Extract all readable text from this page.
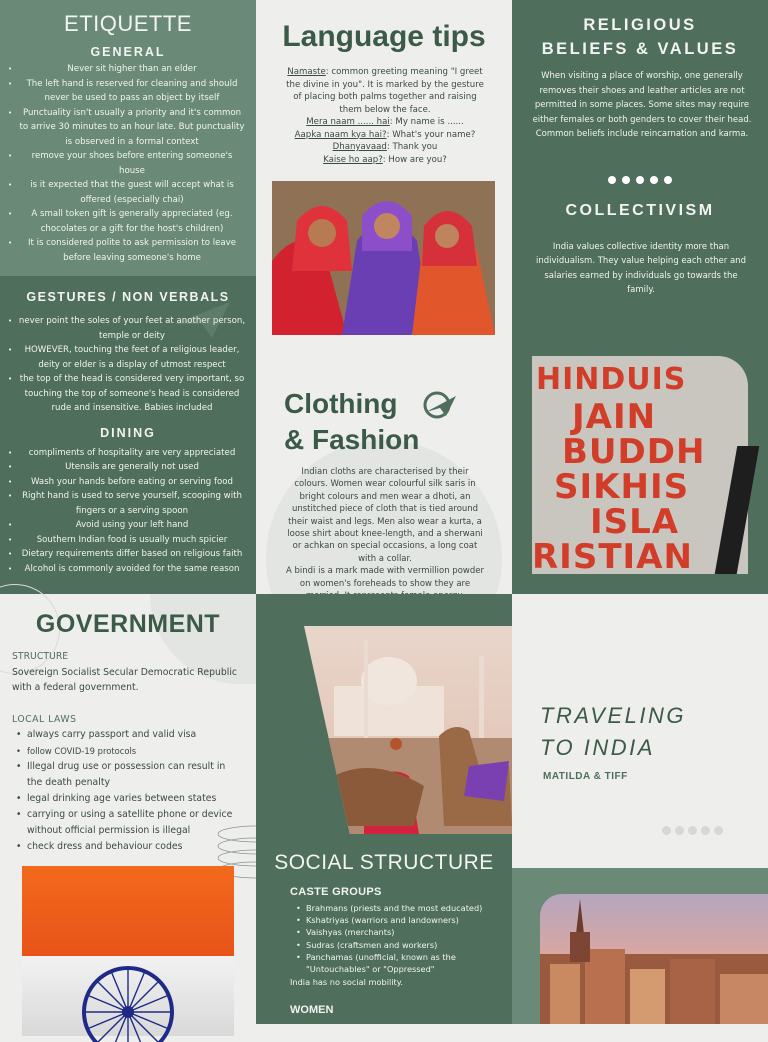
ETIQUETTE
GENERAL
• Never sit higher than an elder
• The left hand is reserved for cleaning and should never be used to pass an object by itself
• Punctuality isn't usually a priority and it's common to arrive 30 minutes to an hour late. But punctuality is observed in a formal context
• remove your shoes before entering someone's house
• is it expected that the guest will accept what is offered (especially chai)
• A small token gift is generally appreciated (eg. chocolates or a gift for the host's children)
• It is considered polite to ask permission to leave before leaving someone's home
GESTURES / NON VERBALS
• never point the soles of your feet at another person, temple or deity
• HOWEVER, touching the feet of a religious leader, deity or elder is a display of utmost respect
• the top of the head is considered very important, so touching the top of someone's head is considered rude and insensitive. Babies included
DINING
• compliments of hospitality are very appreciated
• Utensils are generally not used
• Wash your hands before eating or serving food
• Right hand is used to serve yourself, scooping with fingers or a serving spoon
• Avoid using your left hand
• Southern Indian food is usually much spicier
• Dietary requirements differ based on religious faith
• Alcohol is commonly avoided for the same reason
Language tips

Namaste: common greeting meaning "I greet the divine in you". It is marked by the gesture of placing both palms together and raising them below the face.

Mera naam ...... hai: My name is ......

Aapka naam kya hai?: What's your name?

Dhanyavaad: Thank you

Kaise ho aap?: How are you?

Clothing
& Fashion

Indian cloths are characterised by their colours. Women wear colourful silk saris in bright colours and men wear a dhoti, an unstitched piece of cloth that is tied around their waist and legs. Men also wear a kurta, a loose shirt about knee-length, and a sherwani or achkan on special occasions, a long coat with a collar.

A bindi is a mark made with vermillion powder on women's foreheads to show they are

RELIGIOUS
BELIEFS & VALUES

When visiting a place of worship, one generally removes their shoes and leather articles are not permitted in some places. Some sites may require either females or both genders to cover their head.

Common beliefs include reincarnation and karma.

COLLECTIVISM

India values collective identity more than individualism. They value helping each other and salaries earned by individuals go towards the family.

HINDUIS
JAIN
BUDDH
SIKHIS
ISLA
RISTIAN
GOVERNMENT

STRUCTURE

Sovereign Socialist Secular Democratic Republic with a federal government.

LOCAL LAWS

• always carry passport and valid visa
• follow COVID-19 protocols
• Illegal drug use or possession can result in the death penalty
• legal drinking age varies between states
• carrying or using a satellite phone or device without official permission is illegal
• check dress and behaviour codes
SOCIAL STRUCTURE

CASTE GROUPS

• Brahmans (priests and the most educated)
• Kshatriyas (warriors and landowners)
• Vaishyas (merchants)
• Sudras (craftsmen and workers)
• Panchamas (unofficial, known as the "Untouchables" or "Oppressed"

India has no social mobility.

WOMEN

TRAVELING
TO INDIA

MATILDA & TIFF
